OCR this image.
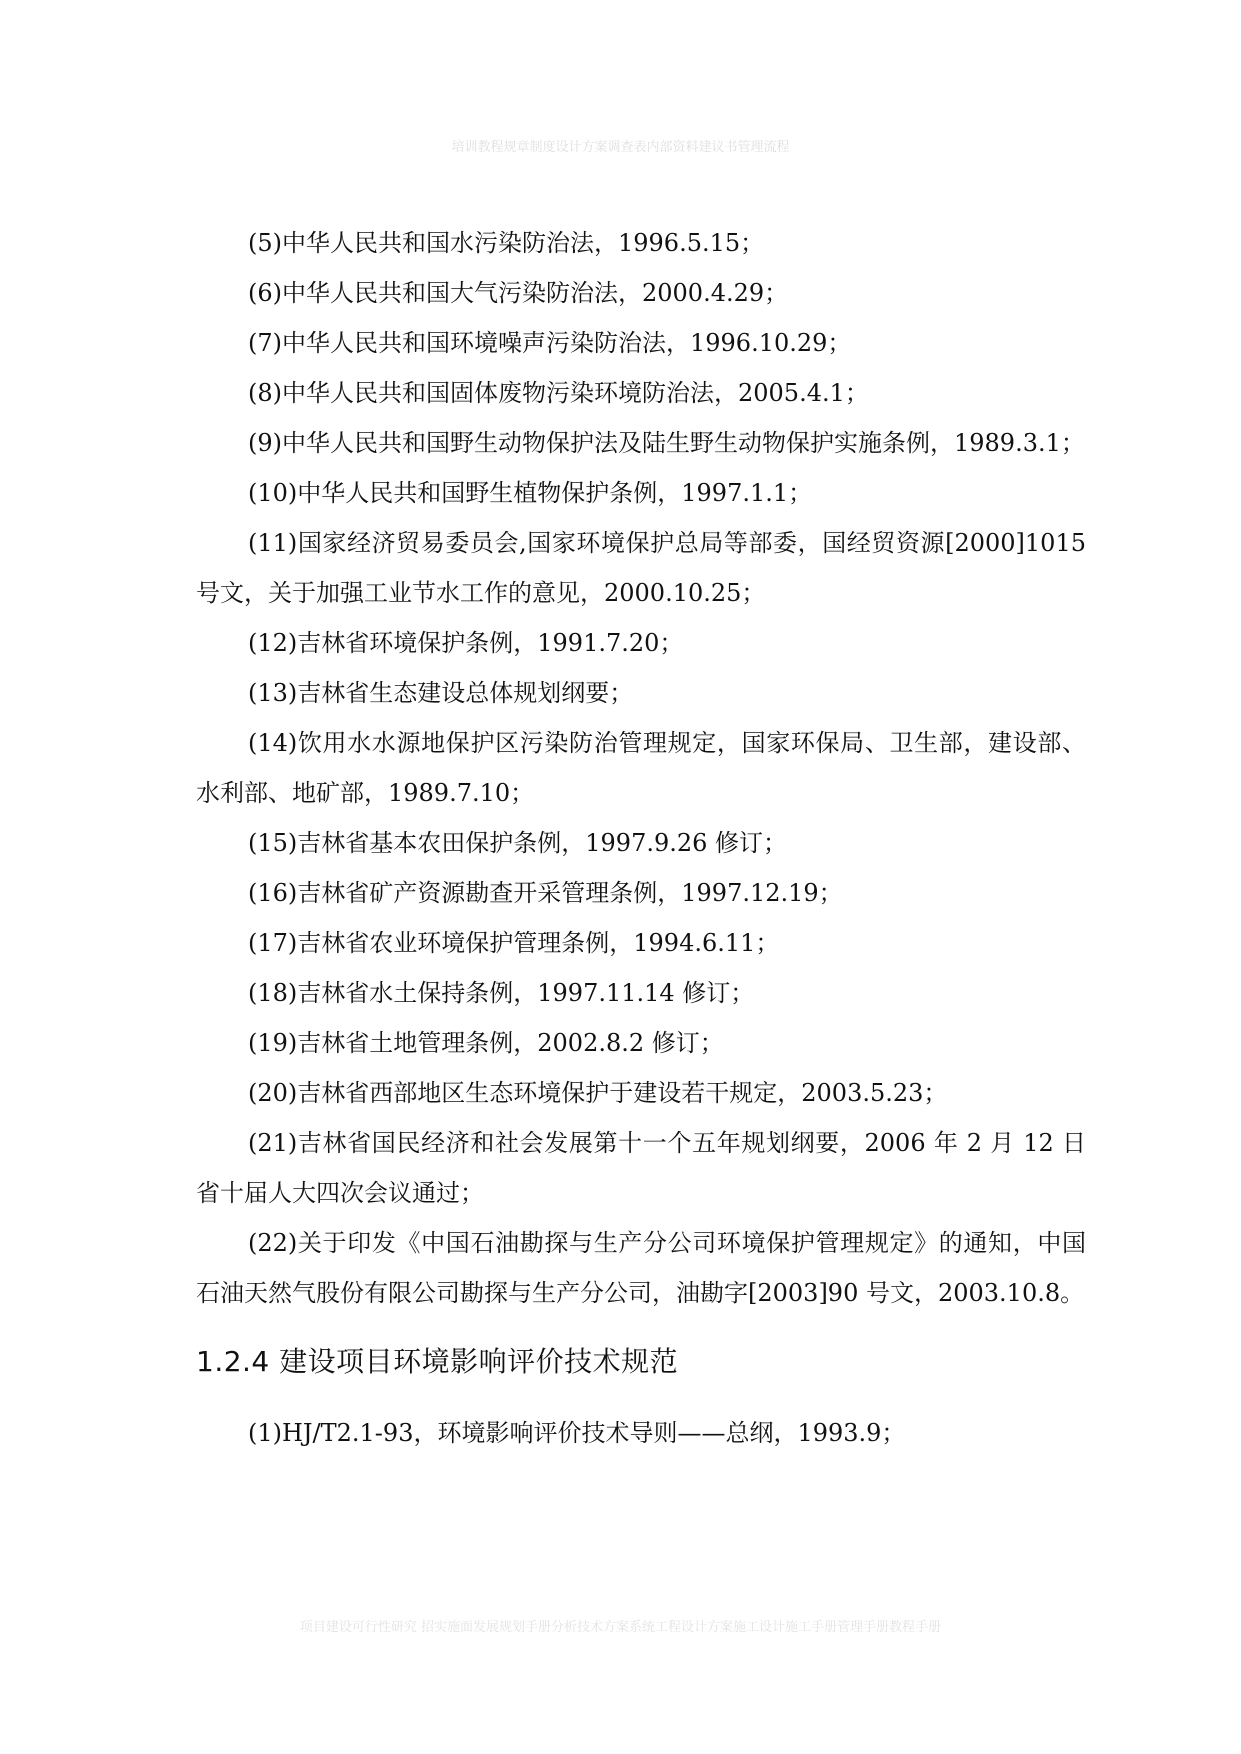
培训教程规章制度设计方案调查表内部资料建议书管理流程

(5)中华人民共和国水污染防治法，1996.5.15；

(6)中华人民共和国大气污染防治法，2000.4.29；

(7)中华人民共和国环境噪声污染防治法，1996.10.29；

(8)中华人民共和国固体废物污染环境防治法，2005.4.1；

(9)中华人民共和国野生动物保护法及陆生野生动物保护实施条例，1989.3.1；

(10)中华人民共和国野生植物保护条例，1997.1.1；

(11)国家经济贸易委员会,国家环境保护总局等部委，国经贸资源[2000]1015号文，关于加强工业节水工作的意见，2000.10.25；

(12)吉林省环境保护条例，1991.7.20；

(13)吉林省生态建设总体规划纲要；

(14)饮用水水源地保护区污染防治管理规定，国家环保局、卫生部，建设部、水利部、地矿部，1989.7.10；

(15)吉林省基本农田保护条例，1997.9.26 修订；

(16)吉林省矿产资源勘查开采管理条例，1997.12.19；

(17)吉林省农业环境保护管理条例，1994.6.11；

(18)吉林省水土保持条例，1997.11.14 修订；

(19)吉林省土地管理条例，2002.8.2 修订；

(20)吉林省西部地区生态环境保护于建设若干规定，2003.5.23；

(21)吉林省国民经济和社会发展第十一个五年规划纲要，2006 年 2 月 12 日省十届人大四次会议通过；

(22)关于印发《中国石油勘探与生产分公司环境保护管理规定》的通知，中国石油天然气股份有限公司勘探与生产分公司，油勘字[2003]90 号文，2003.10.8。

1.2.4 建设项目环境影响评价技术规范

(1)HJ/T2.1-93，环境影响评价技术导则——总纲，1993.9；

项目建设可行性研究 招实施面发展规划手册分析技术方案系统工程设计方案施工设计施工手册管理手册教程手册
